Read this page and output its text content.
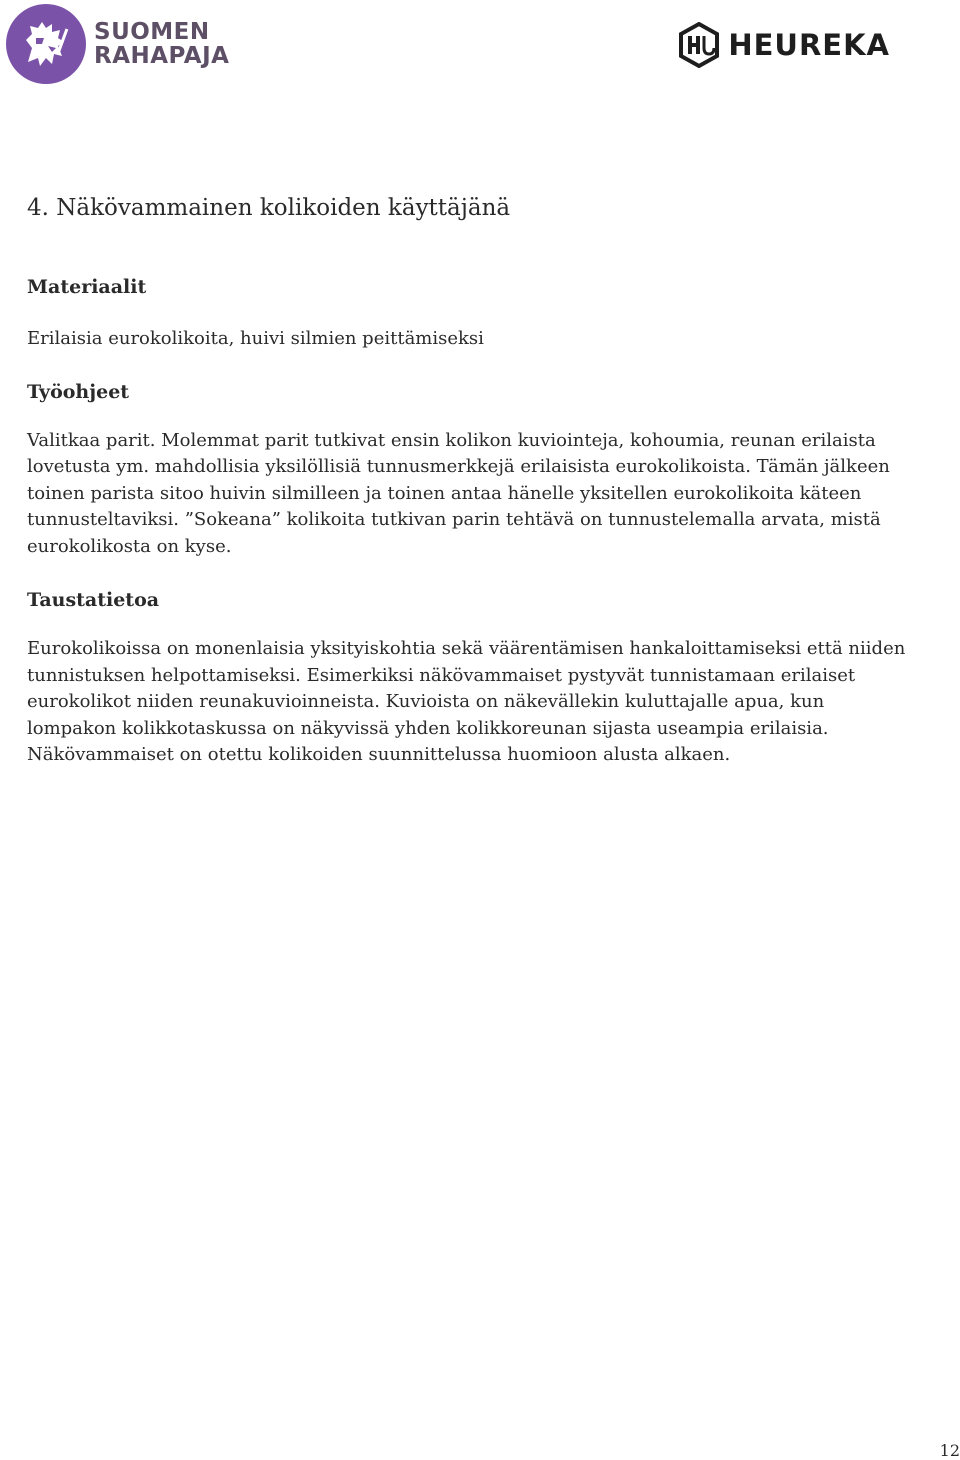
SUOMEN
RAHAPAJA	HEUREKA
4. Näkövammainen kolikoiden käyttäjänä
Materiaalit

Erilaisia eurokolikoita, huivi silmien peittämiseksi

Työohjeet

Valitkaa parit. Molemmat parit tutkivat ensin kolikon kuviointeja, kohoumia, reunan erilaista lovetusta ym. mahdollisia yksilöllisiä tunnusmerkkejä erilaisista eurokolikoista. Tämän jälkeen toinen parista sitoo huivin silmilleen ja toinen antaa hänelle yksitellen eurokolikoita käteen tunnusteltaviksi. ”Sokeana” kolikoita tutkivan parin tehtävä on tunnustelemalla arvata, mistä eurokolikosta on kyse.

Taustatietoa

Eurokolikoissa on monenlaisia yksityiskohtia sekä väärentämisen hankaloittamiseksi että niiden tunnistuksen helpottamiseksi. Esimerkiksi näkövammaiset pystyvät tunnistamaan erilaiset eurokolikot niiden reunakuvioinneista. Kuvioista on näkevällekin kuluttajalle apua, kun lompakon kolikkotaskussa on näkyvissä yhden kolikkoreunan sijasta useampia erilaisia. Näkövammaiset on otettu kolikoiden suunnittelussa huomioon alusta alkaen.

12
